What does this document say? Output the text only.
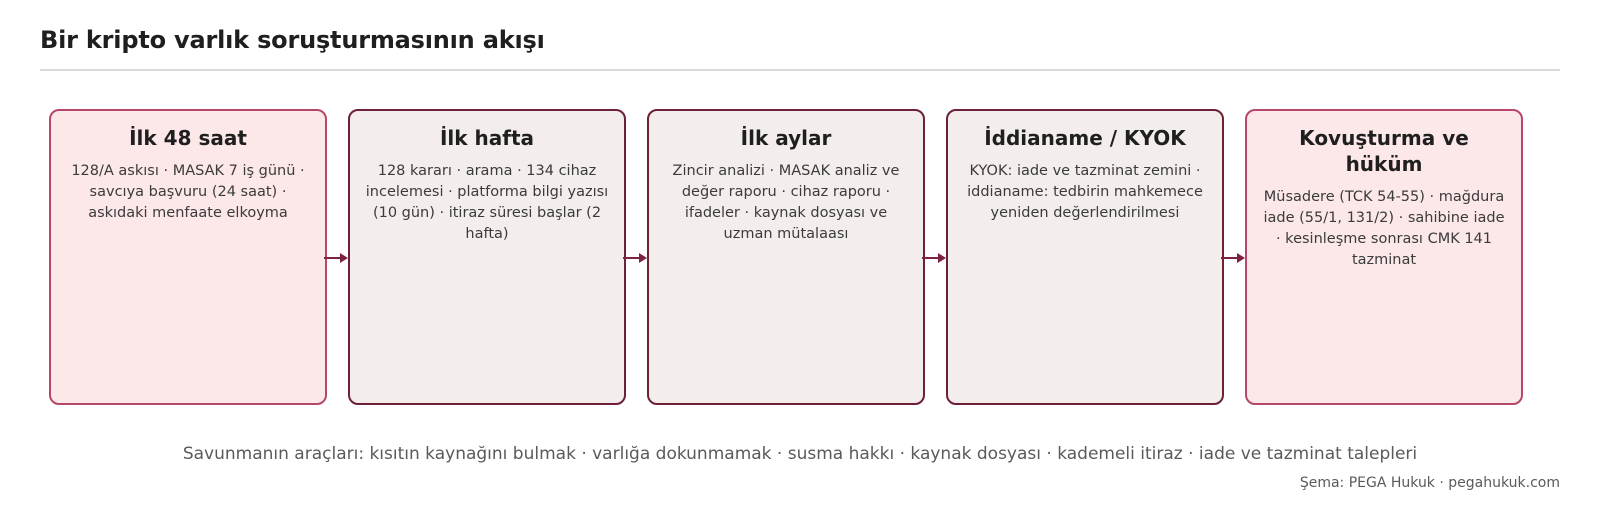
Bir kripto varlık soruşturmasının akışı
İlk 48 saat
128/A askısı · MASAK 7 iş günü · savcıya başvuru (24 saat) · askıdaki menfaate elkoyma
İlk hafta
128 kararı · arama · 134 cihaz incelemesi · platforma bilgi yazısı (10 gün) · itiraz süresi başlar (2 hafta)
İlk aylar
Zincir analizi · MASAK analiz ve değer raporu · cihaz raporu · ifadeler · kaynak dosyası ve uzman mütalaası
İddianame / KYOK
KYOK: iade ve tazminat zemini · iddianame: tedbirin mahkemece yeniden değerlendirilmesi
Kovuşturma ve hüküm
Müsadere (TCK 54-55) · mağdura iade (55/1, 131/2) · sahibine iade · kesinleşme sonrası CMK 141 tazminat
Savunmanın araçları: kısıtın kaynağını bulmak · varlığa dokunmamak · susma hakkı · kaynak dosyası · kademeli itiraz · iade ve tazminat talepleri
Şema: PEGA Hukuk · pegahukuk.com
